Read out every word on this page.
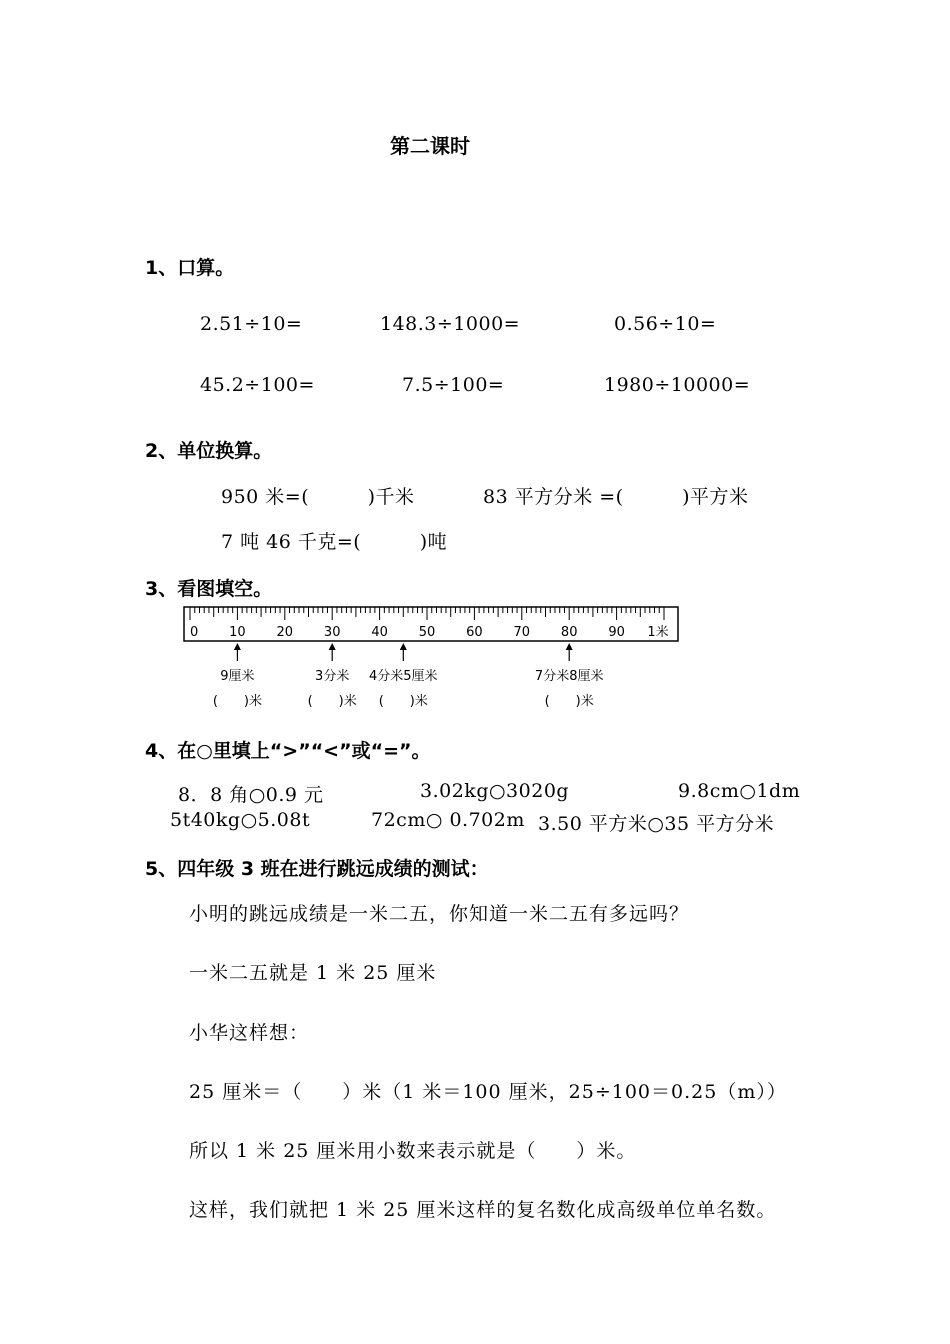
第二课时
1、口算。
2.51÷10=	148.3÷1000=	0.56÷10=
45.2÷100=	7.5÷100=	1980÷10000=
2、单位换算。
950 米=(　　　)千米	83 平方分米 =(　　　)平方米
7 吨 46 千克=(　　　)吨
3、看图填空。
0 10 20 30 40 50 60 70 80 90 1米
9厘米
(　　)米
3分米
(　　)米
4分米5厘米
(　　)米
7分米8厘米
(　　)米
4、在○里填上“>”“<”或“=”。
8．8 角○0.9 元	3.02kg○3020g	9.8cm○1dm
5t40kg○5.08t	72cm○ 0.702m 3.50 平方米○35 平方分米
5、四年级 3 班在进行跳远成绩的测试：
小明的跳远成绩是一米二五，你知道一米二五有多远吗？
一米二五就是 1 米 25 厘米
小华这样想：
25 厘米＝（　　）米（1 米＝100 厘米，25÷100＝0.25（m））
所以 1 米 25 厘米用小数来表示就是（　　）米。
这样，我们就把 1 米 25 厘米这样的复名数化成高级单位单名数。
